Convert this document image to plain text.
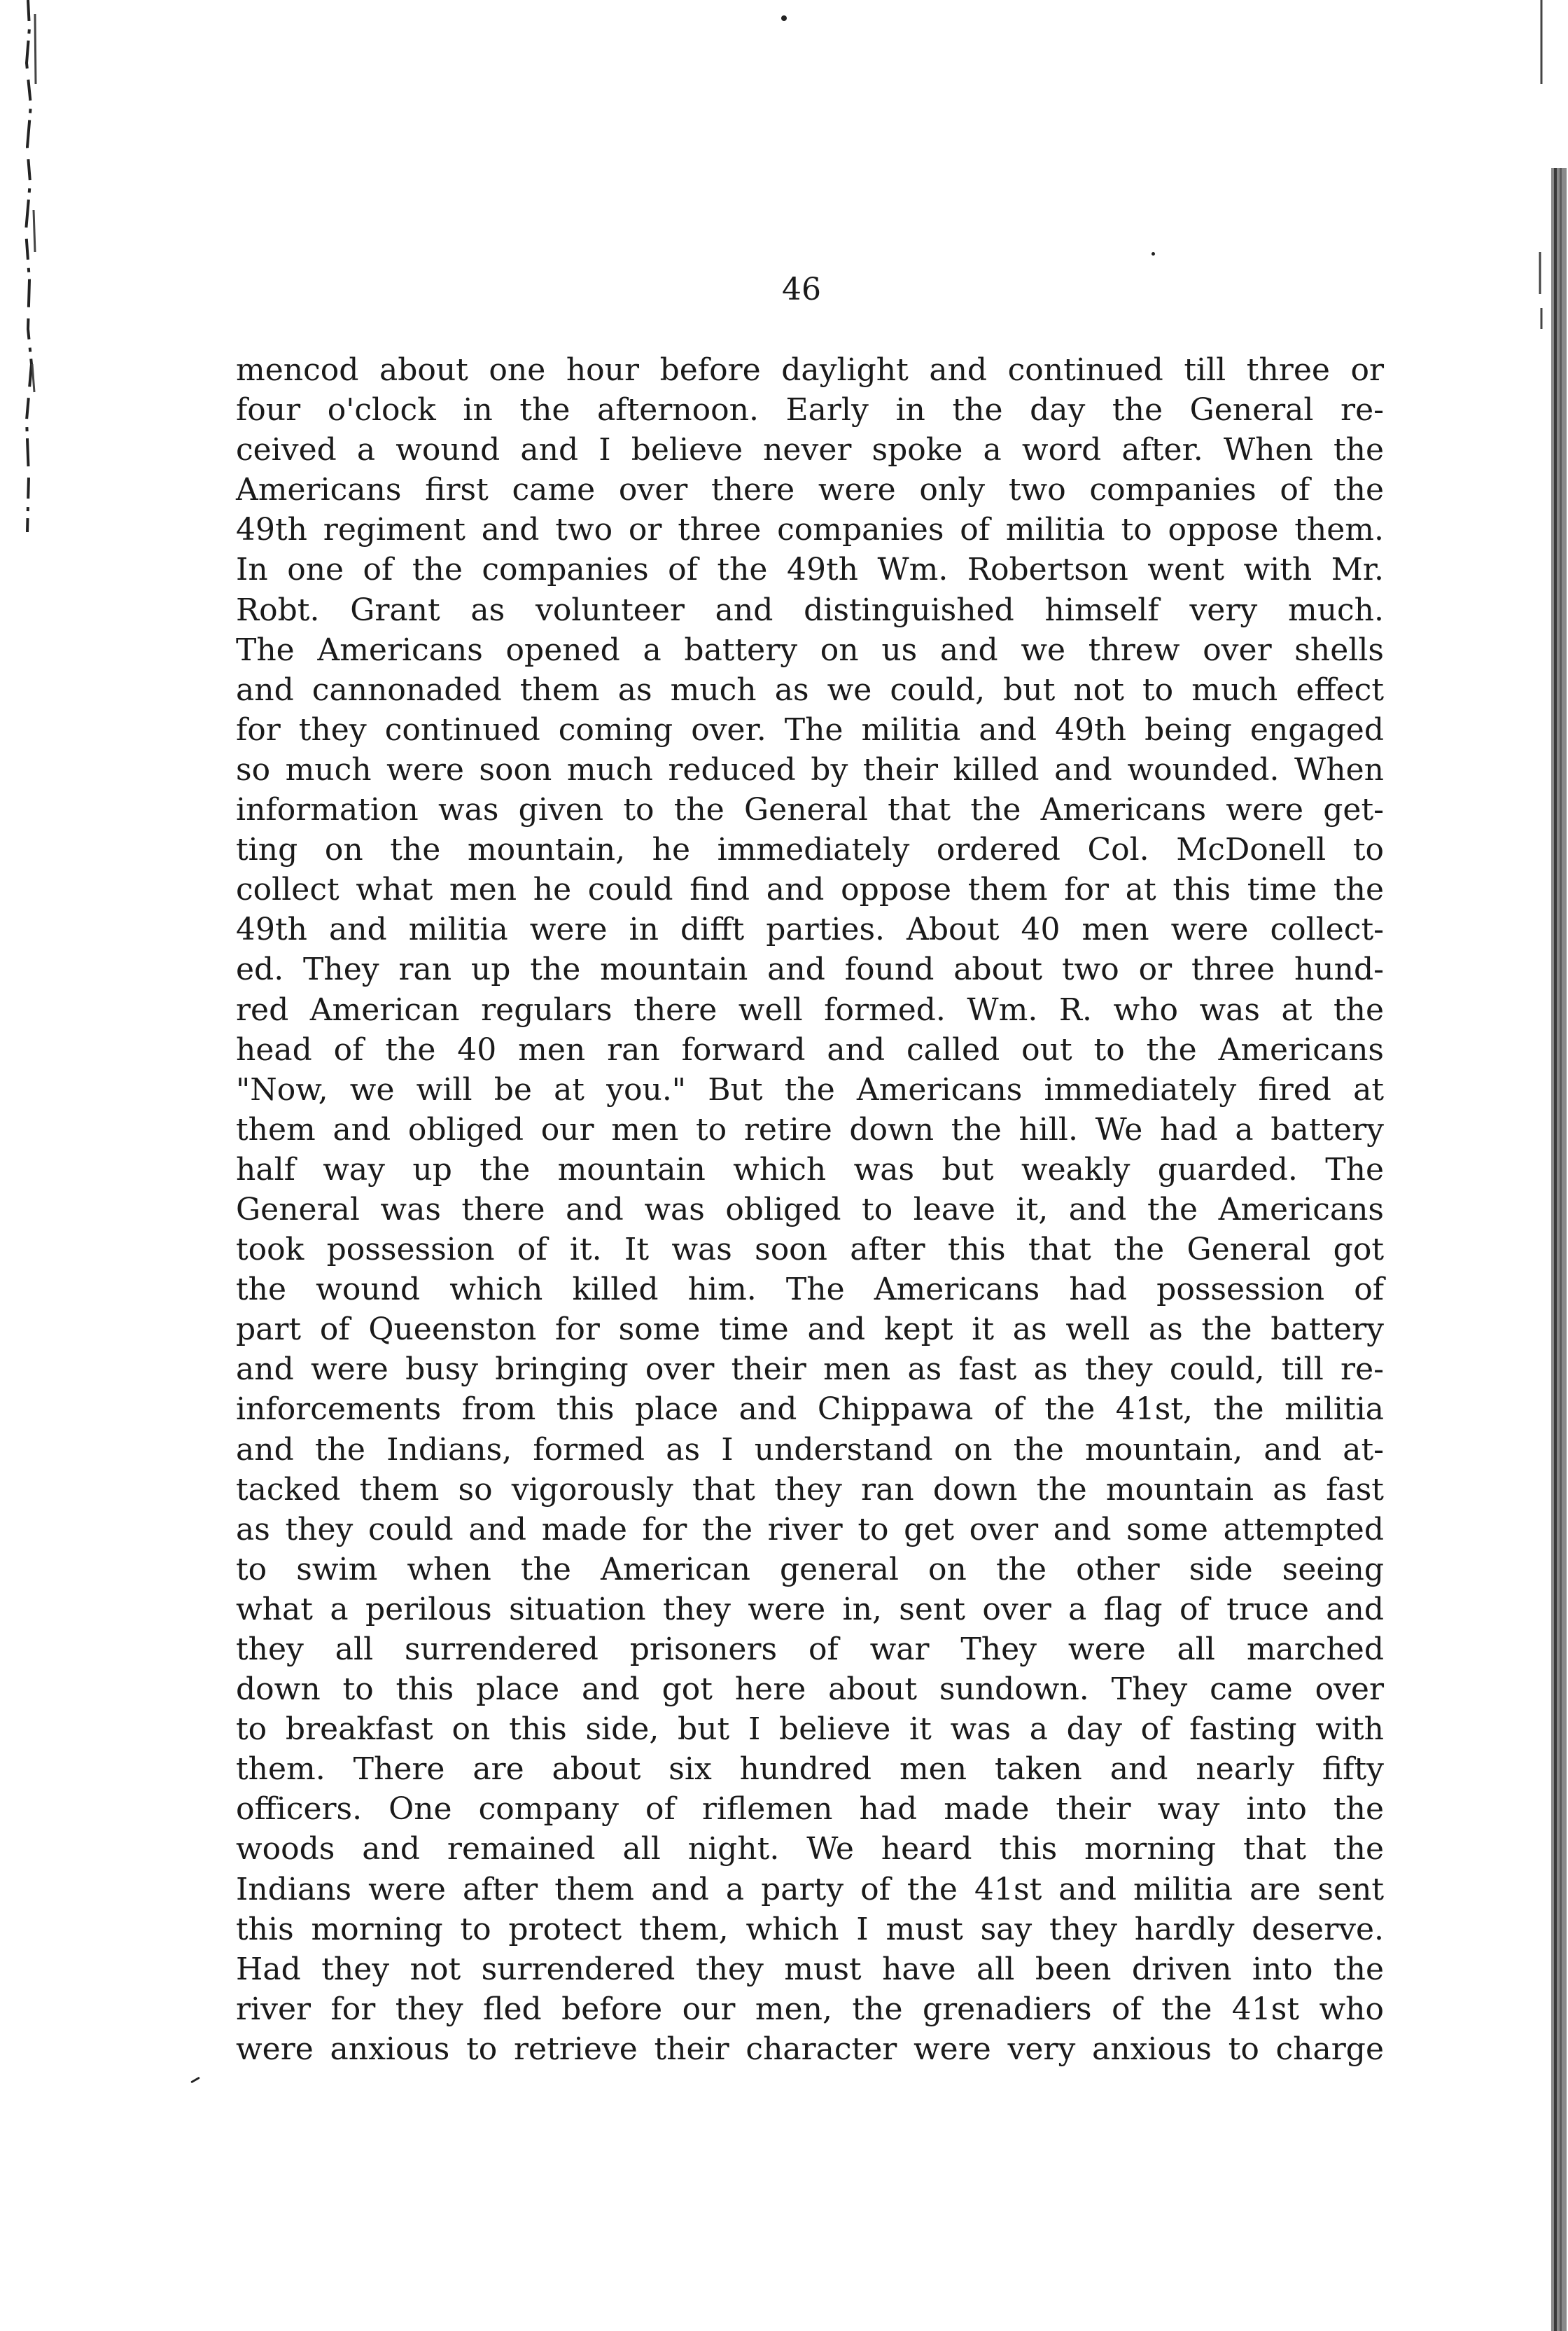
46
mencod about one hour before daylight and continued till three or
four o'clock in the afternoon. Early in the day the General re-
ceived a wound and I believe never spoke a word after. When the
Americans first came over there were only two companies of the
49th regiment and two or three companies of militia to oppose them.
In one of the companies of the 49th Wm. Robertson went with Mr.
Robt. Grant as volunteer and distinguished himself very much.
The Americans opened a battery on us and we threw over shells
and cannonaded them as much as we could, but not to much effect
for they continued coming over. The militia and 49th being engaged
so much were soon much reduced by their killed and wounded. When
information was given to the General that the Americans were get-
ting on the mountain, he immediately ordered Col. McDonell to
collect what men he could find and oppose them for at this time the
49th and militia were in difft parties. About 40 men were collect-
ed. They ran up the mountain and found about two or three hund-
red American regulars there well formed. Wm. R. who was at the
head of the 40 men ran forward and called out to the Americans
"Now, we will be at you." But the Americans immediately fired at
them and obliged our men to retire down the hill. We had a battery
half way up the mountain which was but weakly guarded. The
General was there and was obliged to leave it, and the Americans
took possession of it. It was soon after this that the General got
the wound which killed him. The Americans had possession of
part of Queenston for some time and kept it as well as the battery
and were busy bringing over their men as fast as they could, till re-
inforcements from this place and Chippawa of the 41st, the militia
and the Indians, formed as I understand on the mountain, and at-
tacked them so vigorously that they ran down the mountain as fast
as they could and made for the river to get over and some attempted
to swim when the American general on the other side seeing
what a perilous situation they were in, sent over a flag of truce and
they all surrendered prisoners of war They were all marched
down to this place and got here about sundown. They came over
to breakfast on this side, but I believe it was a day of fasting with
them. There are about six hundred men taken and nearly fifty
officers. One company of riflemen had made their way into the
woods and remained all night. We heard this morning that the
Indians were after them and a party of the 41st and militia are sent
this morning to protect them, which I must say they hardly deserve.
Had they not surrendered they must have all been driven into the
river for they fled before our men, the grenadiers of the 41st who
were anxious to retrieve their character were very anxious to charge
